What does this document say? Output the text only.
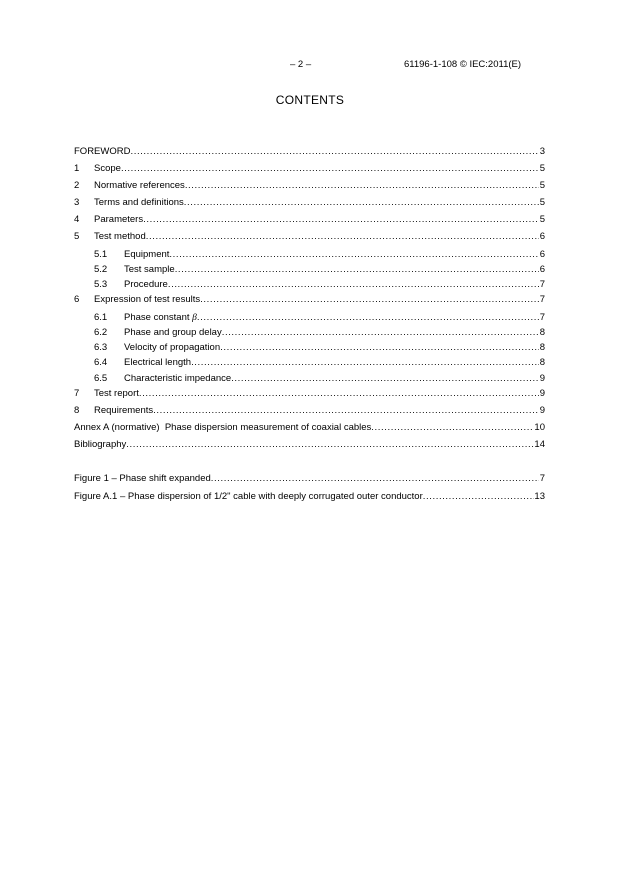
– 2 –	61196-1-108 © IEC:2011(E)
CONTENTS
FOREWORD .....	3
1	Scope .....	5
2	Normative references .....	5
3	Terms and definitions .....	5
4	Parameters .....	5
5	Test method .....	6
5.1	Equipment .....	6
5.2	Test sample .....	6
5.3	Procedure .....	7
6	Expression of test results .....	7
6.1	Phase constant β .....	7
6.2	Phase and group delay .....	8
6.3	Velocity of propagation .....	8
6.4	Electrical length .....	8
6.5	Characteristic impedance .....	9
7	Test report .....	9
8	Requirements .....	9
Annex A (normative)  Phase dispersion measurement of coaxial cables .....	10
Bibliography .....	14
Figure 1 – Phase shift expanded .....	7
Figure A.1 – Phase dispersion of 1/2" cable with deeply corrugated outer conductor .....	13
